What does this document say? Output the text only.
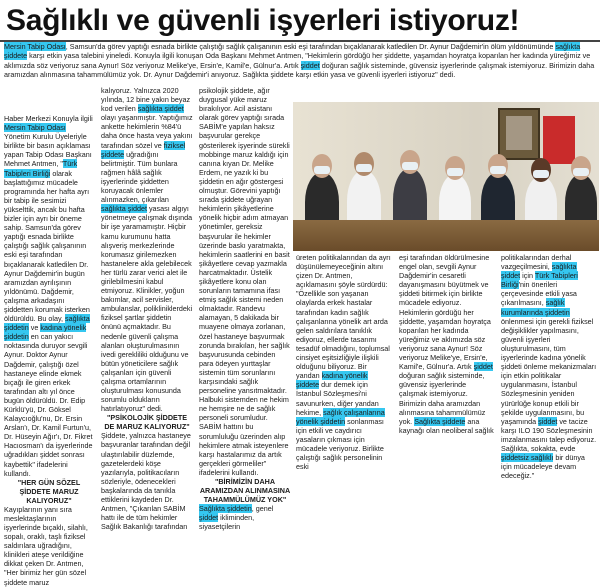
Sağlıklı ve güvenli işyerleri istiyoruz!

Mersin Tabip Odası, Samsun'da görev yaptığı esnada birlikte çalıştığı sağlık çalışanının eski eşi tarafından bıçaklanarak katledilen Dr. Aynur Dağdemir'in ölüm yıldönümünde sağlıkta şiddete karşı etkin yasa talebini yineledi. Konuyla ilgili konuşan Oda Başkanı Mehmet Antmen, "Hekimlerin gördüğü her şiddette, yaşamdan hoyratça koparılan her kadında yüreğimiz ve aklımızda söz veriyoruz sana Aynur! Söz veriyoruz Melike'ye, Ersin'e, Kamil'e, Gülnur'a. Artık şiddet doğuran sağlık sisteminde, güvensiz işyerlerinde çalışmak istemiyoruz. Birimizin daha aramızdan alınmasına tahammülümüz yok. Dr. Aynur Dağdemir'i anıyoruz. Sağlıkta şiddete karşı etkin yasa ve güvenli işyerleri istiyoruz" dedi.

Haber Merkezi Konuyla ilgili Mersin Tabip Odası Yönetim Kurulu Üyeleriyle birlikte bir basın açıklaması yapan Tabip Odası Başkanı Mehmet Antmen, "Türk Tabipleri Birliği olarak başlattığımız mücadele programında her hafta ayrı bir tabip ile sesimizi yükselttik, ancak bu hafta bizler için ayrı bir öneme sahip. Samsun'da görev yaptığı esnada birlikte çalıştığı sağlık çalışanının eski eşi tarafından bıçaklanarak katledilen Dr. Aynur Dağdemir'in bugün aramızdan ayrılışının yıldönümü. Dağdemir, çalışma arkadaşını şiddetten korumak isterken öldürüldü. Bu olay, sağlıkta şiddetin ve kadına yönelik şiddetin en can yakıcı noktasında duruyor sevgili Aynur. Doktor Aynur Dağdemir, çalıştığı özel hastaneye elinde ekmek bıçağı ile giren erkek tarafından altı yıl önce bugün öldürüldü. Dr. Edip Kürklü'yü, Dr. Göksel Kalaycıoğlu'nu, Dr. Ersin Arslan'ı, Dr. Kamil Furtun'u, Dr. Hüseyin Ağır'ı, Dr. Fikret Hacıosman'ı da işyerlerinde uğradıkları şiddet sonrası kaybettik" ifadelerini kullandı.

"HER GÜN SÖZEL ŞİDDETE MARUZ KALIYORUZ"

Kayıplarının yanı sıra meslektaşlarının işyerlerinde bıçaklı, silahlı, sopalı, oraklı, taşlı fiziksel saldırılara uğradığını, klinikleri ateşe verildiğine dikkat çeken Dr. Antmen, "Her birimiz her gün sözel şiddete maruz

kalıyoruz. Yalnızca 2020 yılında, 12 bine yakın beyaz kod verilen sağlıkta şiddet olayı yaşanmıştır. Yaptığımız ankette hekimlerin %84'ü daha önce hasta veya yakını tarafından sözel ve fiziksel şiddete uğradığını belirtmiştir. Tüm bunlara rağmen hâlâ sağlık işyerlerinde şiddetten koruyacak önlemler alınmazken, çıkarılan sağlıkta şiddet yasası algıyı yönetmeye çalışmak dışında bir işe yaramamıştır. Hiçbir kamu kurumunu hatta alışveriş merkezlerinde korumasız girilemezken hastanelere akla gelebilecek her türlü zarar verici alet ile girilebilmesini kabul etmiyoruz. Klinikler, yoğun bakımlar, acil servisler, ambulanslar, polikliniklerdeki fiziksel şartlar şiddetin önünü açmaktadır. Bu nedenle güvenli çalışma alanları oluşturulmasının ivedi gerekliliki olduğunu ve bütün yöneticilere sağlık çalışanları için güvenli çalışma ortamlarının oluşturulması konusunda sorumlu oldukların hatırlatıyoruz" dedi.

"PSİKOLOJİK ŞİDDETE DE MARUZ KALIYORUZ"

Şiddete, yalnızca hastaneye başvuranlar tarafından değil ulaştırılabilir düzlemde, gazetelerdeki köşe yazılarıyla, politikacıların sözleriyle, ödenecekleri başkalarında da tanıkla ettiklerini kaydeden Dr. Antmen, "Çıkarılan SABİM hattı ile de tüm hekimler Sağlık Bakanlığı tarafından

psikolojik şiddete, ağır duygusal yüke maruz bırakılıyor. Acil asistanı olarak görev yaptığı sırada SABİM'e yapılan haksız başvurular gerekçe gösterilerek işyerinde sürekli mobbinge maruz kaldığı için canına kıyan Dr. Melike Erdem, ne yazık ki bu şiddetin en ağır göstergesi olmuştur. Görevini yaptığı sırada şiddete uğrayan hekimlerin şikâyetlerine yönelik hiçbir adım atmayan yönetimler, gereksiz başvurular ile hekimler üzerinde baskı yaratmakta, hekimlerin saatlerini en basit şikâyetlere cevap yazmakla harcatmaktadır. Üstelik şikâyetlere konu olan sorunların tamamına ifası etmiş sağlık sistemi neden olmaktadır. Randevu alamayan, 5 dakikada bir muayene olmaya zorlanan, özel hastaneye başvurmak zorunda bırakılan, her sağlık başvurusunda cebinden para ödeyen yurttaşlar sistemin tüm sorunlarını karşısındaki sağlık personeline yansıtmaktadır. Halbuki sistemden ne hekim ne hemşire ne de sağlık personeli sorumludur. SABİM hattını bu sorumluluğu üzerinden alıp hekimlere atmak isteyenlere karşı hastalarımız da artık gerçekleri görmeliler" ifadelerini kullandı.

"BİRİMİZİN DAHA ARAMIZDAN ALINMASINA TAHAMMÜLÜMÜZ YOK"

Sağlıkta şiddetin, genel şiddet ikliminden, siyasetçilerin

üreten politikalarından da ayrı düşünülemeyeceğinin altını çizen Dr. Antmen, açıklamasını şöyle sürdürdü: "Özellikle son yaşanan olaylarda erkek hastalar tarafından kadın sağlık çalışanlarına yönelik art arda gelen saldırılara tanıklık ediyoruz, ellerde tasarımı tesadüf olmadığını, toplumsal cinsiyet eşitsizliğiyle ilişkili olduğunu biliyoruz. Bir yandan kadına yönelik şiddete dur demek için İstanbul Sözleşmesi'ni savunurken, diğer yandan hekime, sağlık çalışanlarına yönelik şiddetin sonlanması için etkili ve caydırıcı yasaların çıkması için mücadele veriyoruz. Birlikte çalıştığı sağlık personelinin eski

eşi tarafından öldürülmesine engel olan, sevgili Aynur Dağdemir'in cesaretli dayanışmasını büyütmek ve şiddeti bitirmek için birlikte mücadele ediyoruz. Hekimlerin gördüğü her şiddette, yaşamdan hoyratça koparılan her kadında yüreğimiz ve aklımızda söz veriyoruz sana Aynur! Söz veriyoruz Melike'ye, Ersin'e, Kamil'e, Gülnur'a. Artık şiddet doğuran sağlık sisteminde, güvensiz işyerlerinde çalışmak istemiyoruz. Birimizin daha aramızdan alınmasına tahammülümüz yok. Sağlıkta şiddete ana kaynağı olan neoliberal sağlık

politikalarından derhal vazgeçilmesini, sağlıkta şiddet için Türk Tabipleri Birliği'nin önerileri çerçevesinde etkili yasa çıkarılmasını, sağlık kurumlarında şiddetin önlenmesi için gerekli fiziksel değişiklikler yapılmasını, güvenli işyerleri oluşturulmasını, tüm işyerlerinde kadına yönelik şiddeti önleme mekanizmaları için etkin politikalar uygulanmasını, İstanbul Sözleşmesinin yeniden yürürlüğe konup etkili bir şekilde uygulanmasını, bu yaşamında şiddet ve tacize karşı ILO 190 Sözleşmesinin imzalanmasını talep ediyoruz. Sağlıkta, sokakta, evde şiddetsiz sağlıklı bir dünya için mücadeleye devam edeceğiz."
